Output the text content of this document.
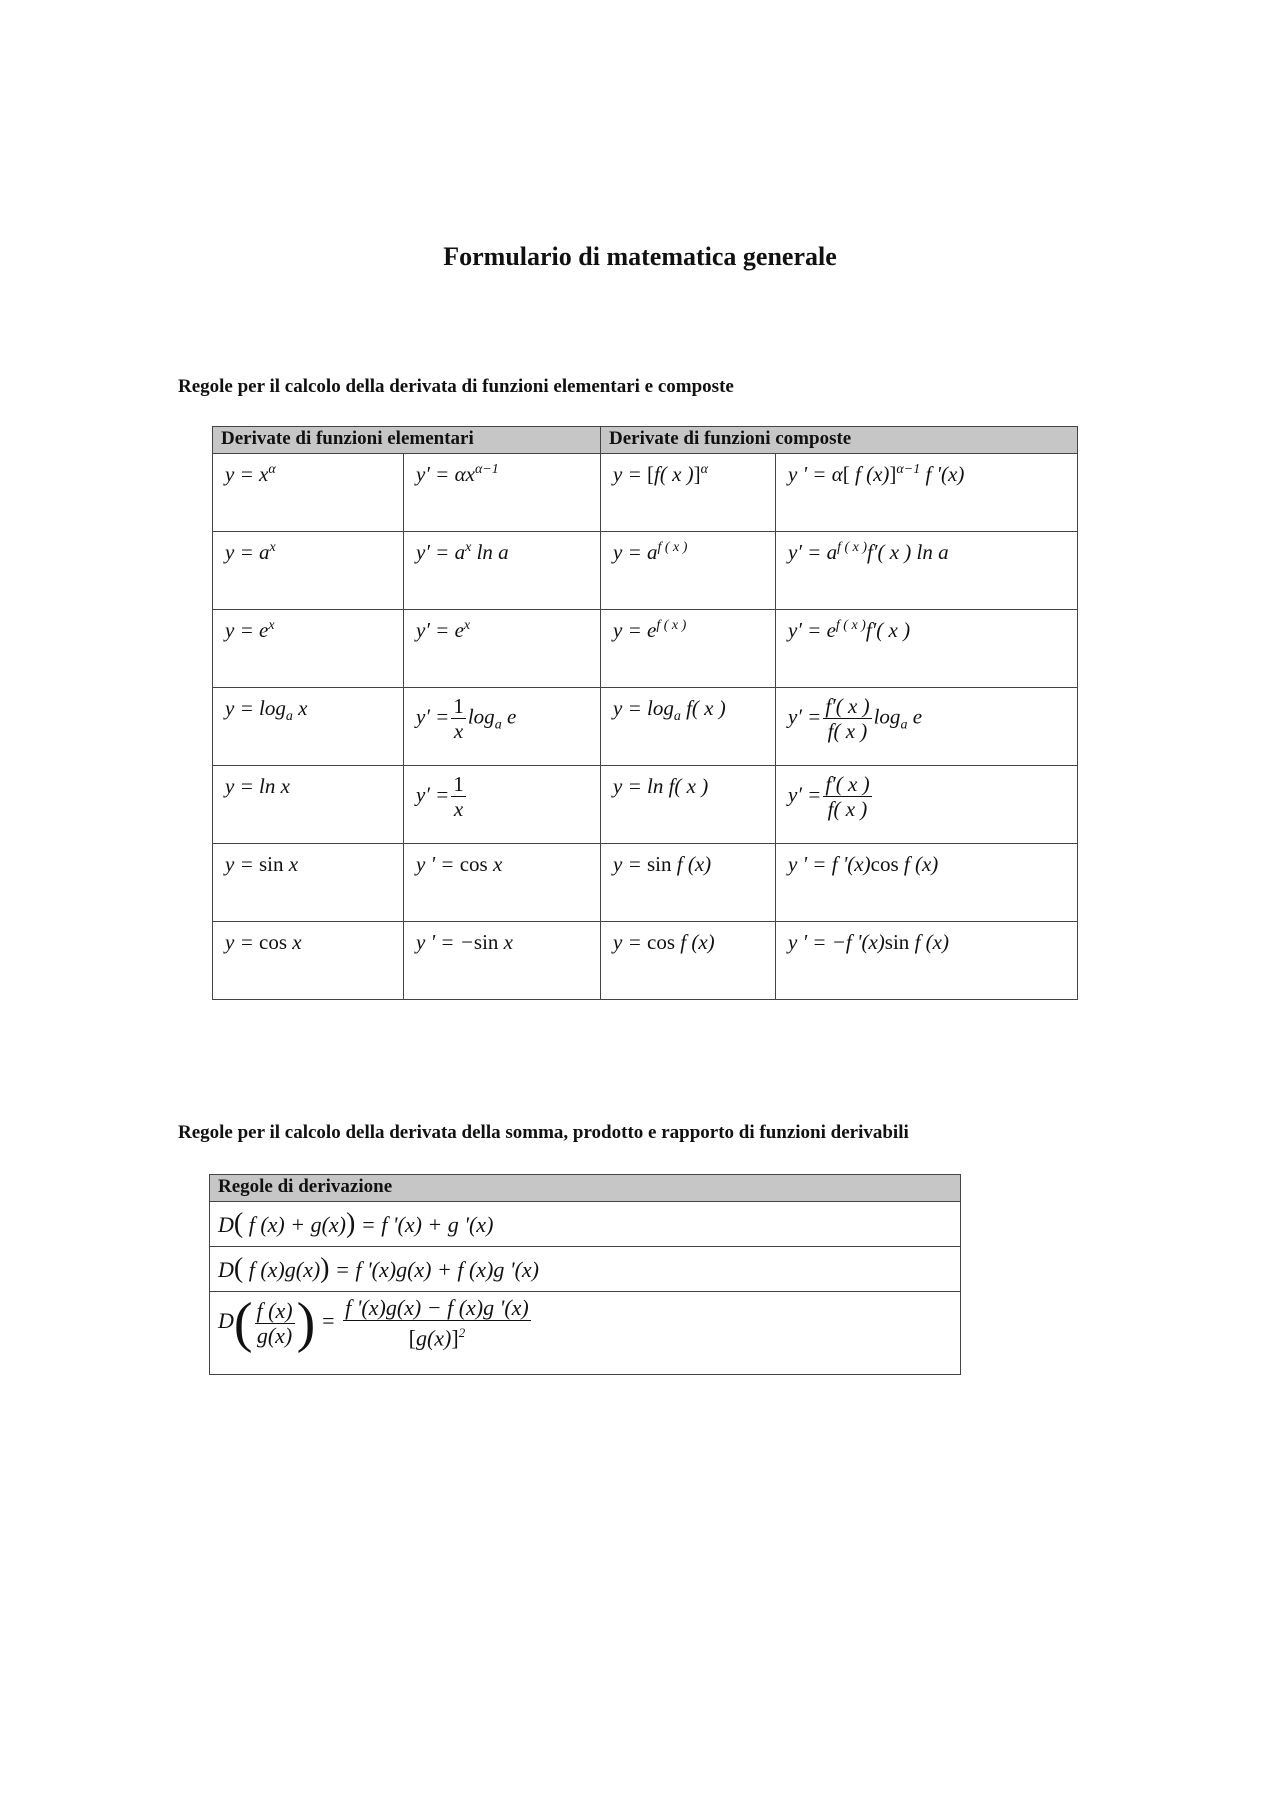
Formulario di matematica generale
Regole per il calcolo della derivata di funzioni elementari e composte
Derivate di funzioni elementari		Derivate di funzioni composte	

$y = x^\alpha$	$y' = \alpha x^{\alpha-1}$	y = [f( x )]$^\alpha$	y ' = α[ f (x)]$^{\alpha-1}$ f '(x)

$y = a^x$	$y' = a^x$ ln a	$y = a^{f ( x )}$	$y' = a^{f ( x )}f'$( x ) ln a

$y = e^x$	$y' = e^x$	$y = e^{f ( x )}$	$y' = e^{f ( x )}f'$( x )

$y = \log_a x$	$y' = \frac{1}{x} \log_a e$	$y = \log_a f$( x )	$y' = \frac{f'( x )}{f( x )} \log_a e$

y = ln x	$y' = \frac{1}{x}$	y = ln f( x )	$y' = \frac{f'( x )}{f( x )}$

y = sin x	y ' = cos x	y = sin f (x)	y ' = f '(x)cos f (x)

y = cos x	y ' = −sin x	y = cos f (x)	y ' = −f '(x)sin f (x)
Regole per il calcolo della derivata della somma, prodotto e rapporto di funzioni derivabili
Regole di derivazione
D( f (x) + g(x)) = f '(x) + g '(x)
D( f (x)g(x)) = f '(x)g(x) + f (x)g '(x)
$D( \frac{f (x)}{g(x)}$ ) = $\frac{f '(x)g(x) - f (x)g '(x)}{[g(x)]^2}$
